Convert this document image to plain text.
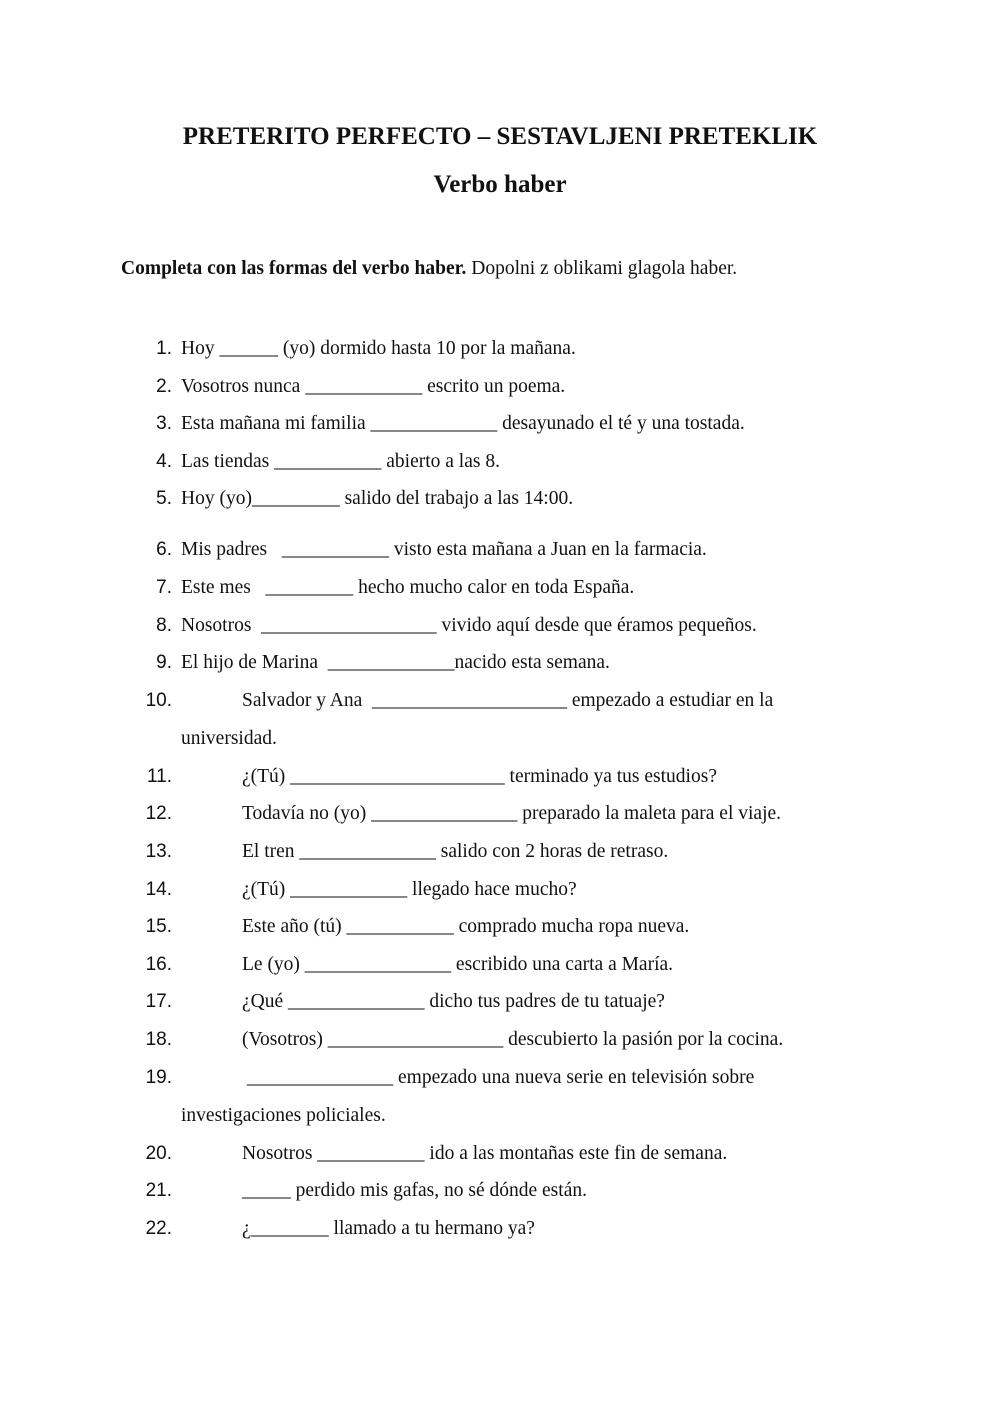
PRETERITO PERFECTO – SESTAVLJENI PRETEKLIK
Verbo haber

Completa con las formas del verbo haber. Dopolni z oblikami glagola haber.

1. Hoy ______ (yo) dormido hasta 10 por la mañana.
2. Vosotros nunca ____________ escrito un poema.
3. Esta mañana mi familia _____________ desayunado el té y una tostada.
4. Las tiendas ___________ abierto a las 8.
5. Hoy (yo)_________ salido del trabajo a las 14:00.
6. Mis padres   ___________ visto esta mañana a Juan en la farmacia.
7. Este mes   _________ hecho mucho calor en toda España.
8. Nosotros  __________________ vivido aquí desde que éramos pequeños.
9. El hijo de Marina  _____________nacido esta semana.
10.	Salvador y Ana  ____________________ empezado a estudiar en la
universidad.
11.	¿(Tú) ______________________ terminado ya tus estudios?
12.	Todavía no (yo) _______________ preparado la maleta para el viaje.
13.	El tren ______________ salido con 2 horas de retraso.
14.	¿(Tú) ____________ llegado hace mucho?
15.	Este año (tú) ___________ comprado mucha ropa nueva.
16.	Le (yo) _______________ escribido una carta a María.
17.	¿Qué ______________ dicho tus padres de tu tatuaje?
18.	(Vosotros) __________________ descubierto la pasión por la cocina.
19.	_______________ empezado una nueva serie en televisión sobre
investigaciones policiales.
20.	Nosotros ___________ ido a las montañas este fin de semana.
21.	_____ perdido mis gafas, no sé dónde están.
22.	¿________ llamado a tu hermano ya?
